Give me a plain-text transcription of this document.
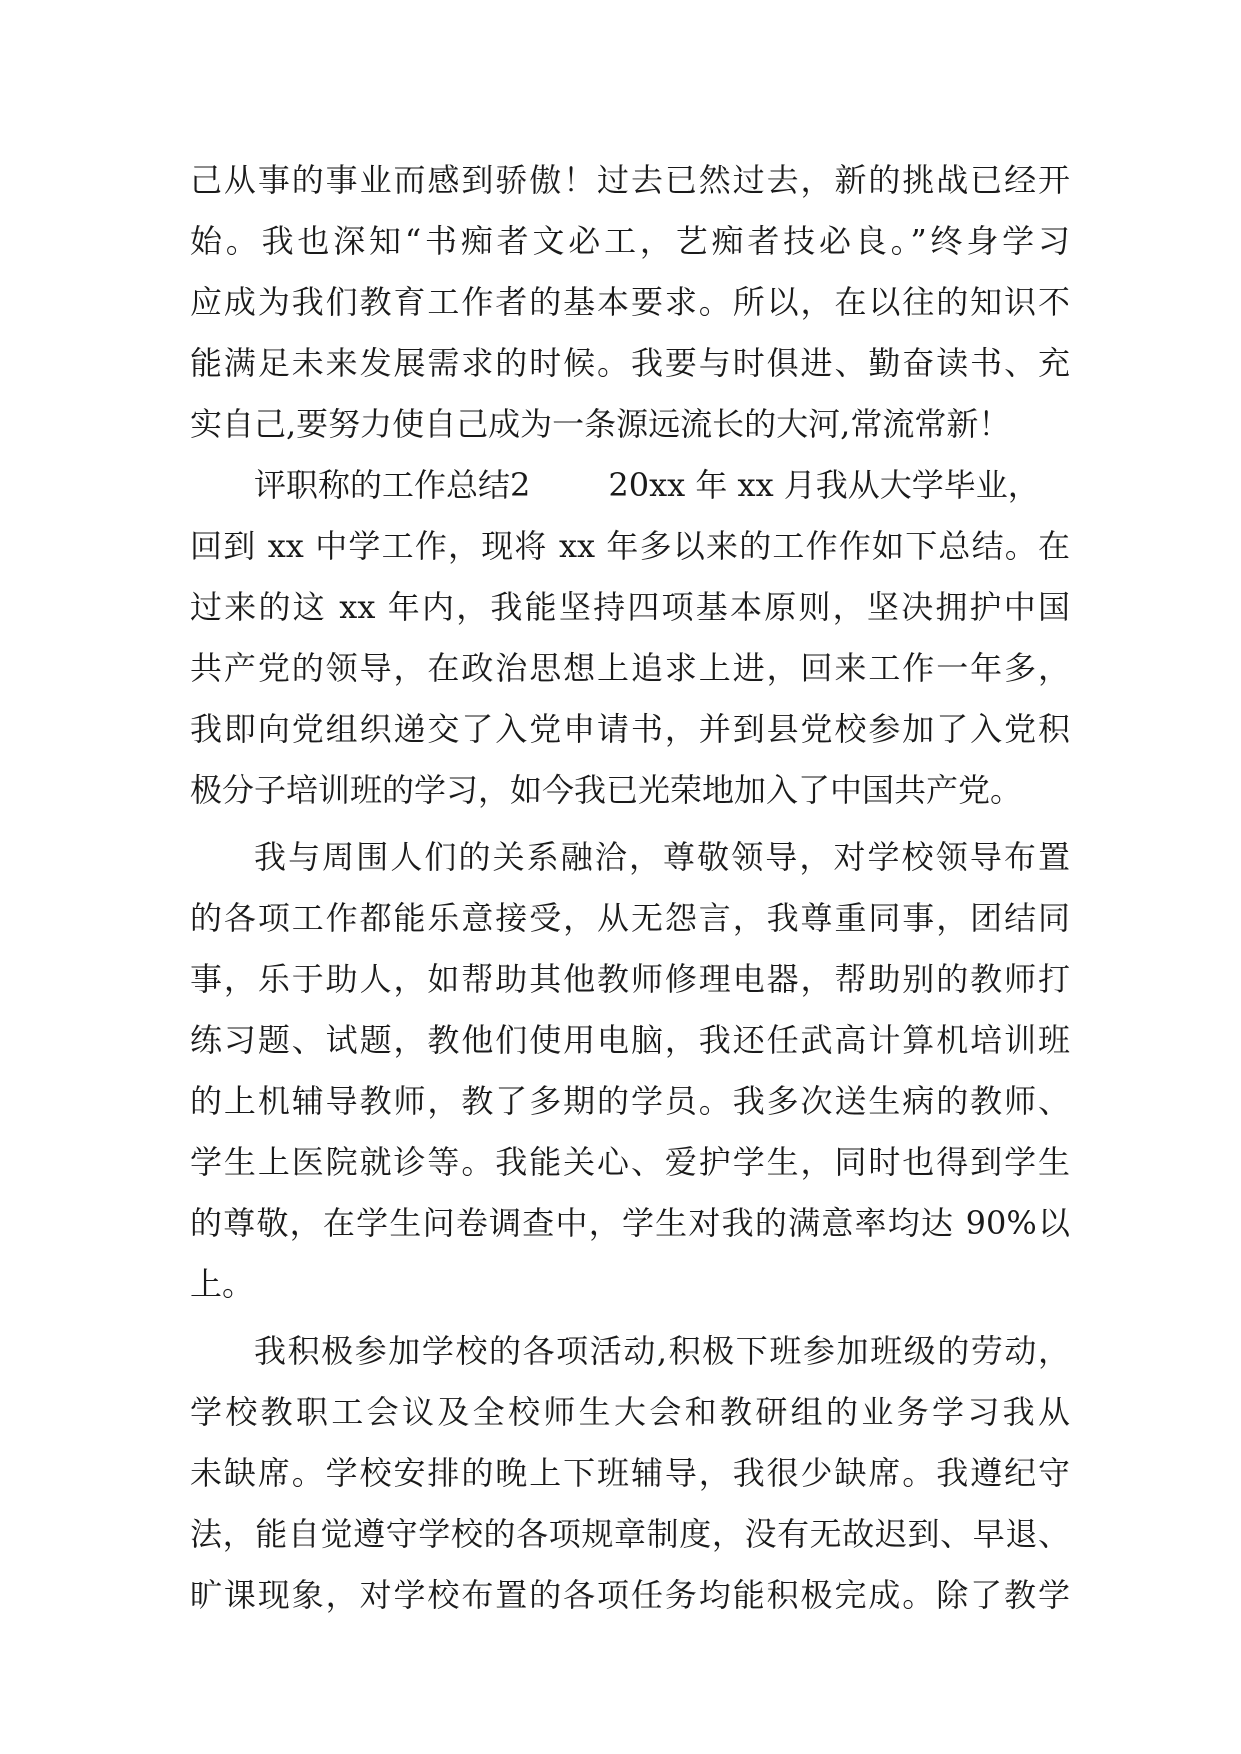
己从事的事业而感到骄傲！过去已然过去，新的挑战已经开
始。我也深知“书痴者文必工，艺痴者技必良。”终身学习
应成为我们教育工作者的基本要求。所以，在以往的知识不
能满足未来发展需求的时候。我要与时俱进、勤奋读书、充
实自己,要努力使自己成为一条源远流长的大河,常流常新！
评职称的工作总结2 20xx 年 xx 月我从大学毕业，
回到 xx 中学工作，现将 xx 年多以来的工作作如下总结。在
过来的这 xx 年内，我能坚持四项基本原则，坚决拥护中国
共产党的领导，在政治思想上追求上进，回来工作一年多，
我即向党组织递交了入党申请书，并到县党校参加了入党积
极分子培训班的学习，如今我已光荣地加入了中国共产党。
我与周围人们的关系融洽，尊敬领导，对学校领导布置
的各项工作都能乐意接受，从无怨言，我尊重同事，团结同
事，乐于助人，如帮助其他教师修理电器，帮助别的教师打
练习题、试题，教他们使用电脑，我还任武高计算机培训班
的上机辅导教师，教了多期的学员。我多次送生病的教师、
学生上医院就诊等。我能关心、爱护学生，同时也得到学生
的尊敬，在学生问卷调查中，学生对我的满意率均达 90%以
上。
我积极参加学校的各项活动,积极下班参加班级的劳动，
学校教职工会议及全校师生大会和教研组的业务学习我从
未缺席。学校安排的晚上下班辅导，我很少缺席。我遵纪守
法，能自觉遵守学校的各项规章制度，没有无故迟到、早退、
旷课现象，对学校布置的各项任务均能积极完成。除了教学
